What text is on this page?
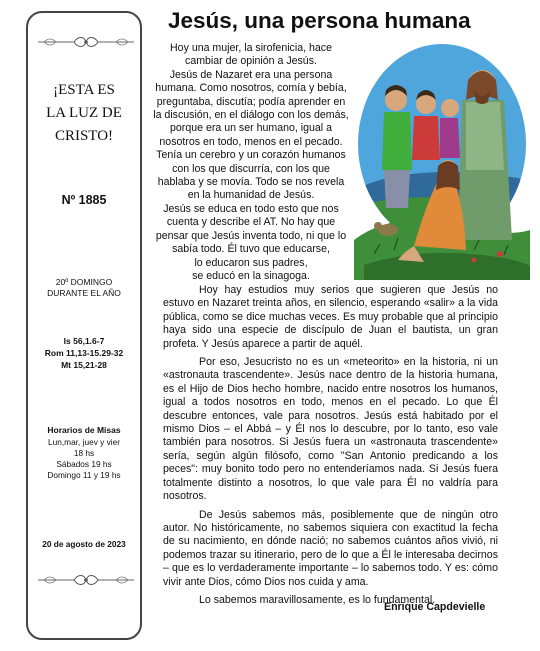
¡ESTA ES
LA LUZ DE
CRISTO!
Nº 1885
20º DOMINGO
DURANTE EL AÑO
Is 56,1.6-7
Rom 11,13-15.29-32
Mt 15,21-28
Horarios de Misas
Lun,mar, juev y vier
18 hs
Sábados 19 hs
Domingo 11 y 19 hs
20 de agosto de 2023
Jesús, una persona humana
Hoy una mujer, la sirofenicia, hace
cambiar de opinión a Jesús.
Jesús de Nazaret era una persona
humana. Como nosotros, comía y bebía,
preguntaba, discutía; podía aprender en
la discusión, en el diálogo con los demás,
porque era un ser humano, igual a
nosotros en todo, menos en el pecado.
Tenía un cerebro y un corazón humanos
con los que discurría, con los que
hablaba y se movía. Todo se nos revela
en la humanidad de Jesús.
Jesús se educa en todo esto que nos
cuenta y describe el AT. No hay que
pensar que Jesús inventa todo, ni que lo
sabía todo. Él tuvo que educarse,
lo educaron sus padres,
se educó en la sinagoga.

Hoy hay estudios muy serios que sugieren que Jesús no estuvo en Nazaret treinta años, en silencio, esperando «salir» a la vida pública, como se dice muchas veces. Es muy probable que al principio haya sido una especie de discípulo de Juan el bautista, un gran profeta. Y Jesús aparece a partir de aquél.

Por eso, Jesucristo no es un «meteorito» en la historia, ni un «astronauta trascendente». Jesús nace dentro de la historia humana, es el Hijo de Dios hecho hombre, nacido entre nosotros los humanos, igual a todos nosotros en todo, menos en el pecado. Lo que Él descubre entonces, vale para nosotros. Jesús está habitado por el mismo Dios – el Abbá – y Él nos lo descubre, por lo tanto, eso vale también para nosotros. Si Jesús fuera un «astronauta trascendente» sería, según algún filósofo, como "San Antonio predicando a los peces": muy bonito todo pero no entenderíamos nada. Si Jesús fuera totalmente distinto a nosotros, lo que vale para Él no valdría para nosotros.

De Jesús sabemos más, posiblemente que de ningún otro autor. No históricamente, no sabemos siquiera con exactitud la fecha de su nacimiento, en dónde nació; no sabemos cuántos años vivió, ni podemos trazar su itinerario, pero de lo que a Él le interesaba decirnos – que es lo verdaderamente importante – lo sabemos todo. Y es: cómo vivir ante Dios, cómo Dios nos cuida y ama.

Lo sabemos maravillosamente, es lo fundamental.

Enrique Capdevielle
